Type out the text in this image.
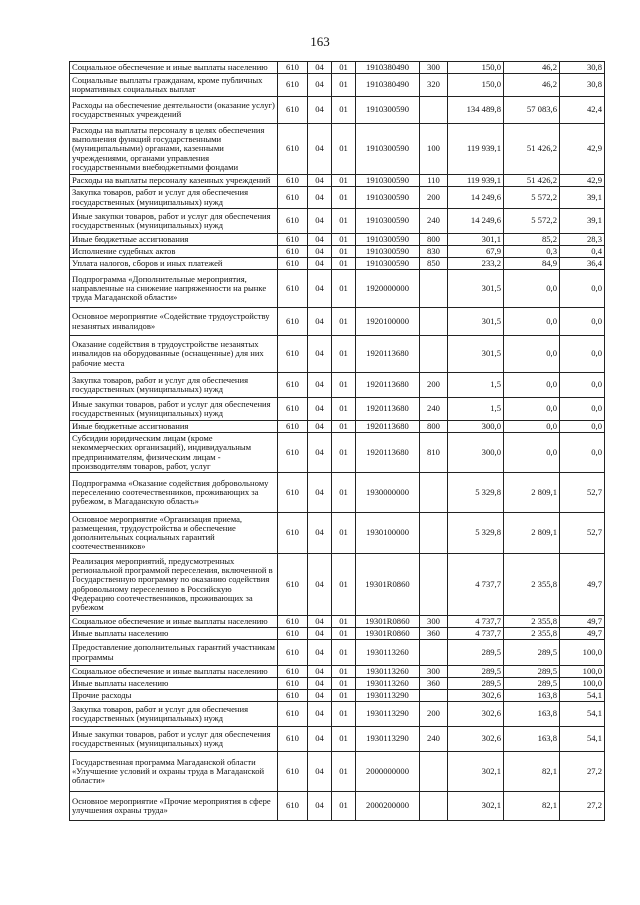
163
Социальное обеспечение и иные выплаты населению	610	04	01	1910380490	300	150,0	46,2	30,8
Социальные выплаты гражданам, кроме публичных нормативных социальных выплат	610	04	01	1910380490	320	150,0	46,2	30,8
Расходы на обеспечение деятельности (оказание услуг) государственных учреждений	610	04	01	1910300590		134 489,8	57 083,6	42,4
Расходы на выплаты персоналу в целях обеспечения выполнения функций государственными (муниципальными) органами, казенными учреждениями, органами управления государственными внебюджетными фондами	610	04	01	1910300590	100	119 939,1	51 426,2	42,9
Расходы на выплаты персоналу казенных учреждений	610	04	01	1910300590	110	119 939,1	51 426,2	42,9
Закупка товаров, работ и услуг для обеспечения государственных (муниципальных) нужд	610	04	01	1910300590	200	14 249,6	5 572,2	39,1
Иные закупки товаров, работ и услуг для обеспечения государственных (муниципальных) нужд	610	04	01	1910300590	240	14 249,6	5 572,2	39,1
Иные бюджетные ассигнования	610	04	01	1910300590	800	301,1	85,2	28,3
Исполнение судебных актов	610	04	01	1910300590	830	67,9	0,3	0,4
Уплата налогов, сборов и иных платежей	610	04	01	1910300590	850	233,2	84,9	36,4
Подпрограмма «Дополнительные мероприятия, направленные на снижение напряженности на рынке труда Магаданской области»	610	04	01	1920000000		301,5	0,0	0,0
Основное мероприятие «Содействие трудоустройству незанятых инвалидов»	610	04	01	1920100000		301,5	0,0	0,0
Оказание содействия в трудоустройстве незанятых инвалидов на оборудованные (оснащенные) для них рабочие места	610	04	01	1920113680		301,5	0,0	0,0
Закупка товаров, работ и услуг для обеспечения государственных (муниципальных) нужд	610	04	01	1920113680	200	1,5	0,0	0,0
Иные закупки товаров, работ и услуг для обеспечения государственных (муниципальных) нужд	610	04	01	1920113680	240	1,5	0,0	0,0
Иные бюджетные ассигнования	610	04	01	1920113680	800	300,0	0,0	0,0
Субсидии юридическим лицам (кроме некоммерческих организаций), индивидуальным предпринимателям, физическим лицам - производителям товаров, работ, услуг	610	04	01	1920113680	810	300,0	0,0	0,0
Подпрограмма «Оказание содействия добровольному переселению соотечественников, проживающих за рубежом, в Магаданскую область»	610	04	01	1930000000		5 329,8	2 809,1	52,7
Основное мероприятие «Организация приема, размещения, трудоустройства и обеспечение дополнительных социальных гарантий соотечественников»	610	04	01	1930100000		5 329,8	2 809,1	52,7
Реализация мероприятий, предусмотренных региональной программой переселения, включенной в Государственную программу по оказанию содействия добровольному переселению в Российскую Федерацию соотечественников, проживающих за рубежом	610	04	01	19301R0860		4 737,7	2 355,8	49,7
Социальное обеспечение и иные выплаты населению	610	04	01	19301R0860	300	4 737,7	2 355,8	49,7
Иные выплаты населению	610	04	01	19301R0860	360	4 737,7	2 355,8	49,7
Предоставление дополнительных гарантий участникам программы	610	04	01	1930113260		289,5	289,5	100,0
Социальное обеспечение и иные выплаты населению	610	04	01	1930113260	300	289,5	289,5	100,0
Иные выплаты населению	610	04	01	1930113260	360	289,5	289,5	100,0
Прочие расходы	610	04	01	1930113290		302,6	163,8	54,1
Закупка товаров, работ и услуг для обеспечения государственных (муниципальных) нужд	610	04	01	1930113290	200	302,6	163,8	54,1
Иные закупки товаров, работ и услуг для обеспечения государственных (муниципальных) нужд	610	04	01	1930113290	240	302,6	163,8	54,1
Государственная программа Магаданской области «Улучшение условий и охраны труда в Магаданской области»	610	04	01	2000000000		302,1	82,1	27,2
Основное мероприятие «Прочие мероприятия в сфере улучшения охраны труда»	610	04	01	2000200000		302,1	82,1	27,2
